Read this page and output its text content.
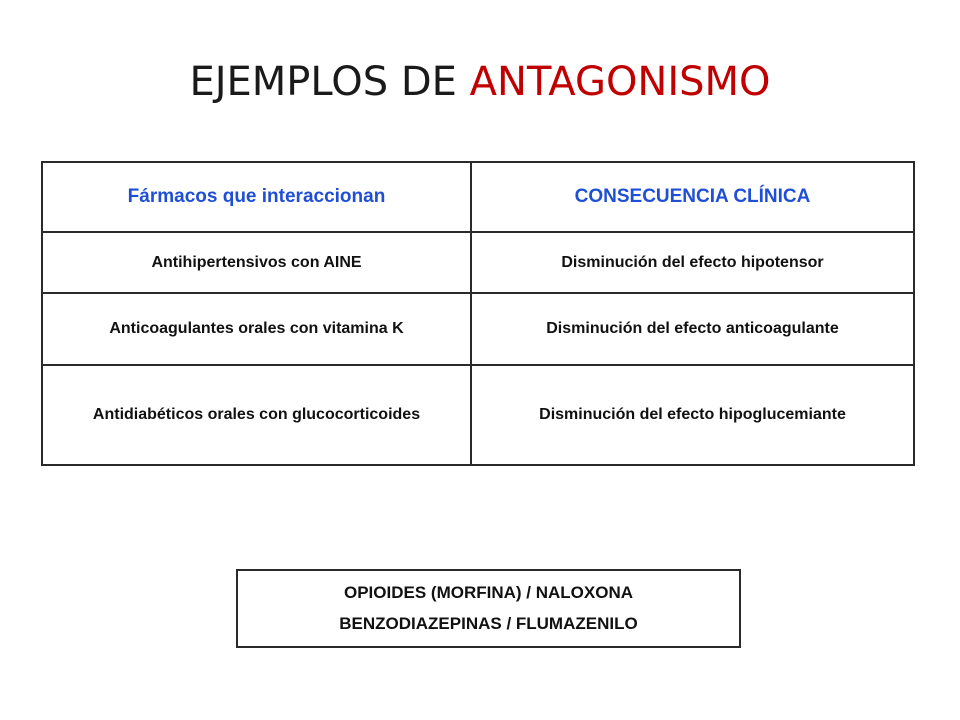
EJEMPLOS DE ANTAGONISMO
Fármacos que interaccionan	CONSECUENCIA CLÍNICA
Antihipertensivos con AINE	Disminución del efecto hipotensor
Anticoagulantes orales con vitamina K	Disminución del efecto anticoagulante
Antidiabéticos orales con glucocorticoides	Disminución del efecto hipoglucemiante
OPIOIDES (MORFINA) / NALOXONA
BENZODIAZEPINAS / FLUMAZENILO
